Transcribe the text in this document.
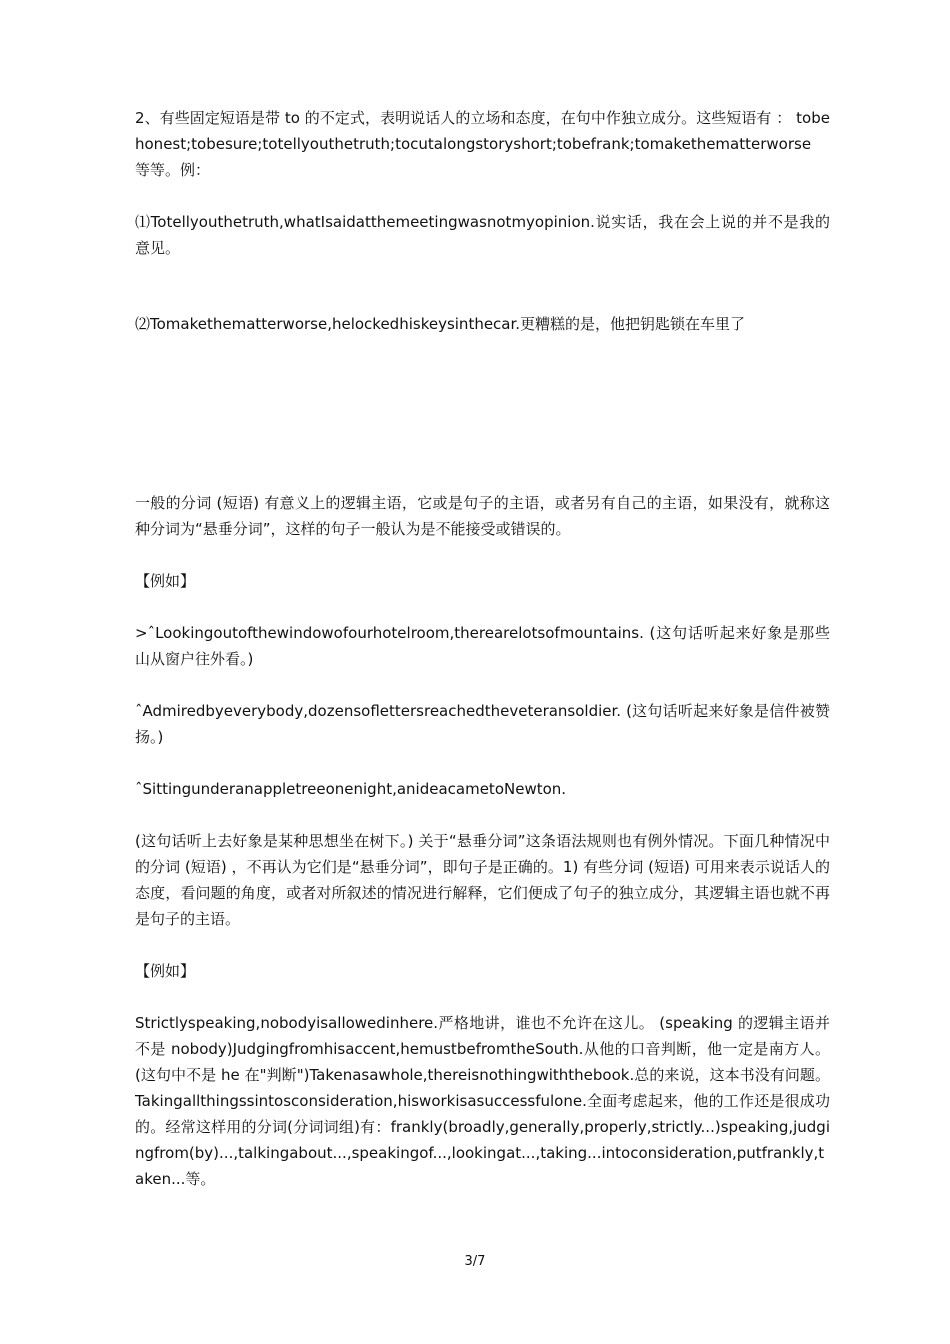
2、有些固定短语是带 to 的不定式，表明说话人的立场和态度，在句中作独立成分。这些短语有 ： tobehonest;tobesure;totellyouthetruth;tocutalongstoryshort;tobefrank;tomakethematterworse 等等。例：

⑴Totellyouthetruth,whatIsaidatthemeetingwasnotmyopinion.说实话，我在会上说的并不是我的意见。

⑵Tomakethematterworse,helockedhiskeysinthecar.更糟糕的是，他把钥匙锁在车里了

一般的分词 (短语) 有意义上的逻辑主语，它或是句子的主语，或者另有自己的主语，如果没有，就称这种分词为“悬垂分词”，这样的句子一般认为是不能接受或错误的。

【例如】

>ˆLookingoutofthewindowofourhotelroom,therearelotsofmountains. (这句话听起来好象是那些山从窗户往外看。)

ˆAdmiredbyeverybody,dozensoflettersreachedtheveteransoldier. (这句话听起来好象是信件被赞扬。)

ˆSittingunderanappletreeonenight,anideacametoNewton.

(这句话听上去好象是某种思想坐在树下。) 关于“悬垂分词”这条语法规则也有例外情况。下面几种情况中的分词 (短语) ，不再认为它们是“悬垂分词”，即句子是正确的。1) 有些分词 (短语) 可用来表示说话人的态度，看问题的角度，或者对所叙述的情况进行解释，它们便成了句子的独立成分，其逻辑主语也就不再是句子的主语。

【例如】

Strictlyspeaking,nobodyisallowedinhere.严格地讲，谁也不允许在这儿。 (speaking 的逻辑主语并不是 nobody)Judgingfromhisaccent,hemustbefromtheSouth.从他的口音判断，他一定是南方人。(这句中不是 he 在"判断")Takenasawhole,thereisnothingwiththebook.总的来说，这本书没有问题。Takingallthingssintosconsideration,hisworkisasuccessfulone.全面考虑起来，他的工作还是很成功的。经常这样用的分词(分词词组)有：frankly(broadly,generally,properly,strictly...)speaking,judgingfrom(by)...,talkingabout...,speakingof...,lookingat...,taking...intoconsideration,putfrankly,taken...等。

3/7
